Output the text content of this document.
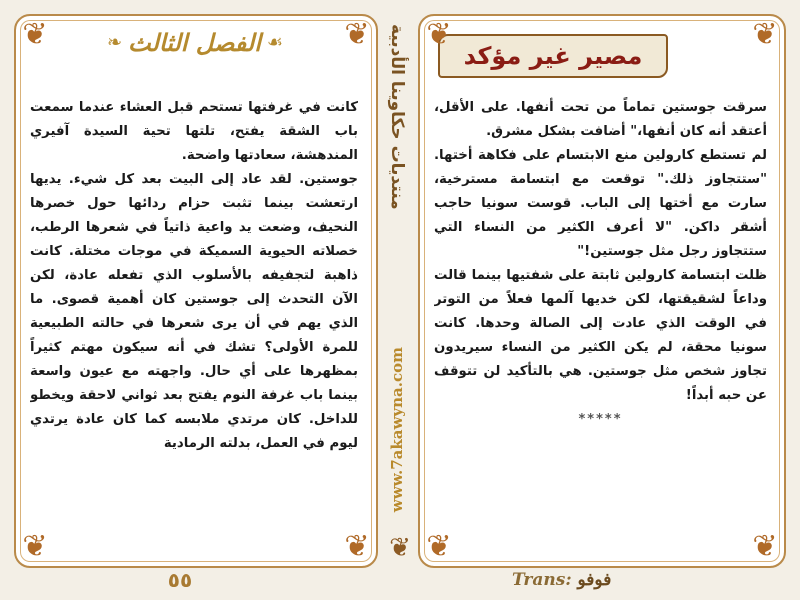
❦	❦
❦	❦
❧ الفصل الثالث ☙

كانت في غرفتها تستحم قبل العشاء عندما سمعت باب الشقة يفتح، تلتها تحية السيدة آفيري المندهشة، سعادتها واضحة.

جوستين. لقد عاد إلى البيت بعد كل شيء. يديها ارتعشت بينما تثبت حزام ردائها حول خصرها النحيف، وضعت يد واعية ذاتياً في شعرها الرطب، خصلاته الحيوية السميكة في موجات مختلة. كانت ذاهبة لتجفيفه بالأسلوب الذي تفعله عادة، لكن الآن التحدث إلى جوستين كان أهمية قصوى. ما الذي يهم في أن يرى شعرها في حالته الطبيعية للمرة الأولى؟ تشك في أنه سيكون مهتم كثيراً بمظهرها على أي حال. واجهته مع عيون واسعة بينما باب غرفة النوم يفتح بعد ثواني لاحقة ويخطو للداخل. كان مرتدي ملابسه كما كان عادة يرتدي ليوم في العمل، بدلته الرمادية

٥٥
منتديات حكاوينا الأدبية
www.7akawyna.com
❦
❦	❦
❦	❦
مصير غير مؤكد

سرقت جوستين تماماً من تحت أنفها. على الأقل، أعتقد أنه كان أنفها،" أضافت بشكل مشرق.

لم تستطع كارولين منع الابتسام على فكاهة أختها. "ستتجاوز ذلك." توقعت مع ابتسامة مسترخية، سارت مع أختها إلى الباب. قوست سونيا حاجب أشقر داكن. "لا أعرف الكثير من النساء التي ستتجاوز رجل مثل جوستين!"

ظلت ابتسامة كارولين ثابتة على شفتيها بينما قالت وداعاً لشقيقتها، لكن خديها آلمها فعلاً من التوتر في الوقت الذي عادت إلى الصالة وحدها. كانت سونيا محقة، لم يكن الكثير من النساء سيريدون تجاوز شخص مثل جوستين. هي بالتأكيد لن تتوقف عن حبه أبداً!

*****

Trans: فوفو
